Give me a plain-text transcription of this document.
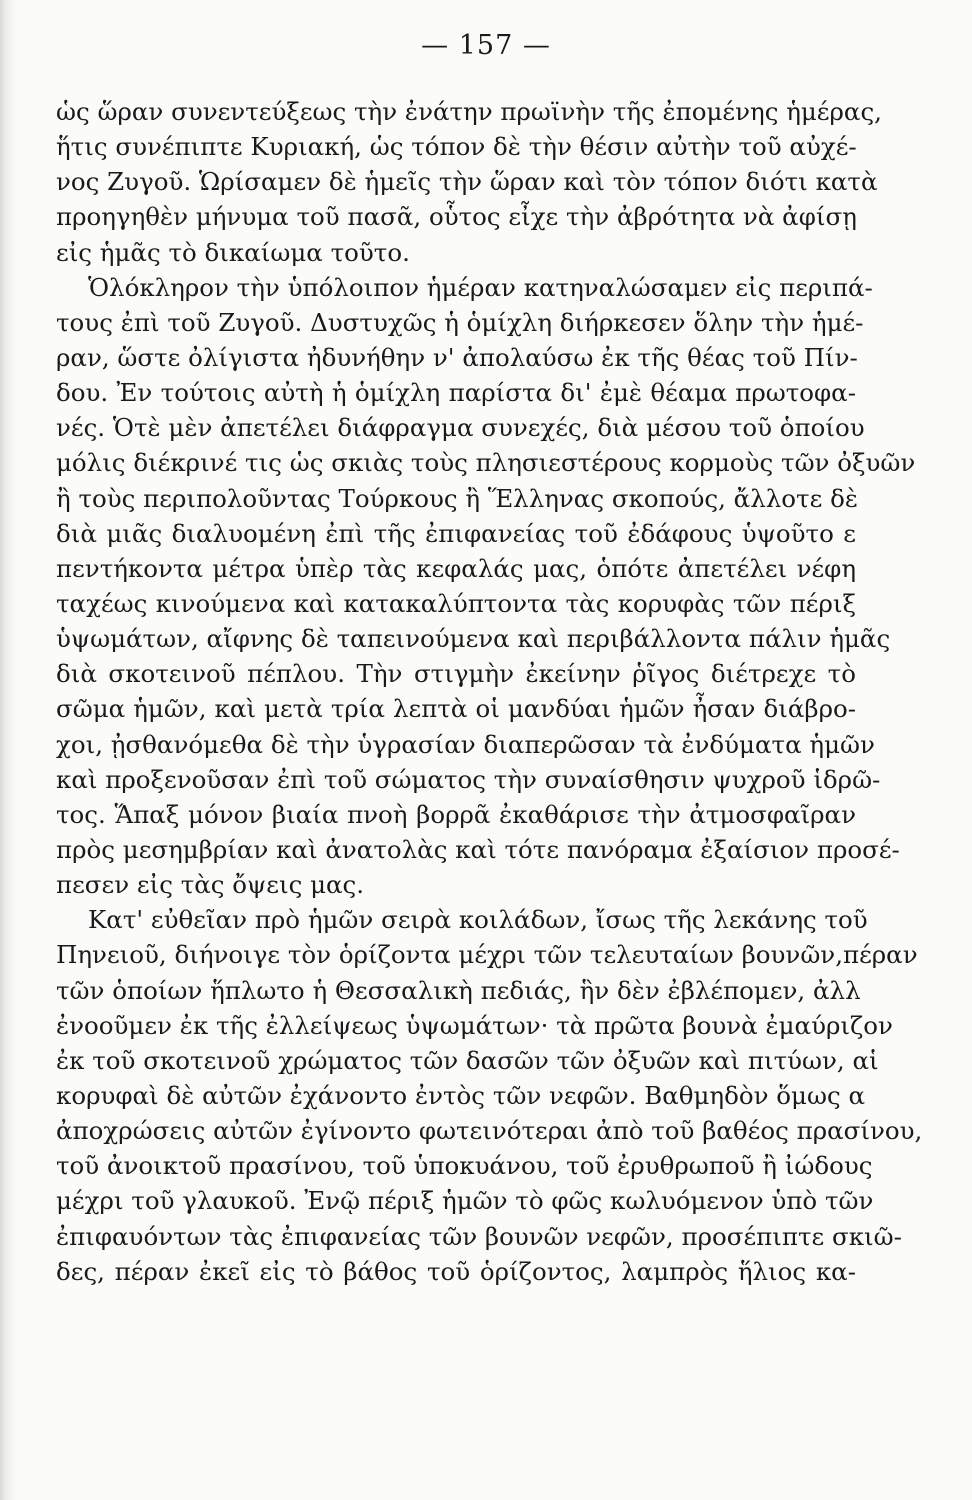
— 157 —
ὡς ὥραν συνεντεύξεως τὴν ἐνάτην πρωϊνὴν τῆς ἐπομένης ἡμέρας,
ἥτις συνέπιπτε Κυριακή, ὡς τόπον δὲ τὴν θέσιν αὐτὴν τοῦ αὐχέ-
νος Ζυγοῦ. Ὡρίσαμεν δὲ ἡμεῖς τὴν ὥραν καὶ τὸν τόπον διότι κατὰ
προηγηθὲν μήνυμα τοῦ πασᾶ, οὗτος εἶχε τὴν ἀβρότητα νὰ ἀφίσῃ
εἰς ἡμᾶς τὸ δικαίωμα τοῦτο.
Ὁλόκληρον τὴν ὑπόλοιπον ἡμέραν κατηναλώσαμεν εἰς περιπά-
τους ἐπὶ τοῦ Ζυγοῦ. Δυστυχῶς ἡ ὁμίχλη διήρκεσεν ὅλην τὴν ἡμέ-
ραν, ὥστε ὀλίγιστα ἠδυνήθην ν' ἀπολαύσω ἐκ τῆς θέας τοῦ Πίν-
δου. Ἐν τούτοις αὐτὴ ἡ ὁμίχλη παρίστα δι' ἐμὲ θέαμα πρωτοφα-
νές. Ὁτὲ μὲν ἀπετέλει διάφραγμα συνεχές, διὰ μέσου τοῦ ὁποίου
μόλις διέκρινέ τις ὡς σκιὰς τοὺς πλησιεστέρους κορμοὺς τῶν ὀξυῶν
ἢ τοὺς περιπολοῦντας Τούρκους ἢ Ἕλληνας σκοπούς, ἄλλοτε δὲ
διὰ μιᾶς διαλυομένη ἐπὶ τῆς ἐπιφανείας τοῦ ἐδάφους ὑψοῦτο ε
πεντήκοντα μέτρα ὑπὲρ τὰς κεφαλάς μας, ὁπότε ἀπετέλει νέφη
ταχέως κινούμενα καὶ κατακαλύπτοντα τὰς κορυφὰς τῶν πέριξ
ὑψωμάτων, αἴφνης δὲ ταπεινούμενα καὶ περιβάλλοντα πάλιν ἡμᾶς
διὰ σκοτεινοῦ πέπλου. Τὴν στιγμὴν ἐκείνην ῥῖγος διέτρεχε τὸ
σῶμα ἡμῶν, καὶ μετὰ τρία λεπτὰ οἱ μανδύαι ἡμῶν ἦσαν διάβρο-
χοι, ᾐσθανόμεθα δὲ τὴν ὑγρασίαν διαπερῶσαν τὰ ἐνδύματα ἡμῶν
καὶ προξενοῦσαν ἐπὶ τοῦ σώματος τὴν συναίσθησιν ψυχροῦ ἱδρῶ-
τος. Ἅπαξ μόνον βιαία πνοὴ βορρᾶ ἐκαθάρισε τὴν ἀτμοσφαῖραν
πρὸς μεσημβρίαν καὶ ἀνατολὰς καὶ τότε πανόραμα ἐξαίσιον προσέ-
πεσεν εἰς τὰς ὄψεις μας.
Κατ' εὐθεῖαν πρὸ ἡμῶν σειρὰ κοιλάδων, ἴσως τῆς λεκάνης τοῦ
Πηνειοῦ, διήνοιγε τὸν ὁρίζοντα μέχρι τῶν τελευταίων βουνῶν,πέραν
τῶν ὁποίων ἥπλωτο ἡ Θεσσαλικὴ πεδιάς, ἣν δὲν ἐβλέπομεν, ἀλλ
ἐνοοῦμεν ἐκ τῆς ἐλλείψεως ὑψωμάτων· τὰ πρῶτα βουνὰ ἐμαύριζον
ἐκ τοῦ σκοτεινοῦ χρώματος τῶν δασῶν τῶν ὀξυῶν καὶ πιτύων, αἱ
κορυφαὶ δὲ αὐτῶν ἐχάνοντο ἐντὸς τῶν νεφῶν. Βαθμηδὸν ὅμως α
ἀποχρώσεις αὐτῶν ἐγίνοντο φωτεινότεραι ἀπὸ τοῦ βαθέος πρασίνου,
τοῦ ἀνοικτοῦ πρασίνου, τοῦ ὑποκυάνου, τοῦ ἐρυθρωποῦ ἢ ἰώδους
μέχρι τοῦ γλαυκοῦ. Ἐνῷ πέριξ ἡμῶν τὸ φῶς κωλυόμενον ὑπὸ τῶν
ἐπιφαυόντων τὰς ἐπιφανείας τῶν βουνῶν νεφῶν, προσέπιπτε σκιῶ-
δες, πέραν ἐκεῖ εἰς τὸ βάθος τοῦ ὁρίζοντος, λαμπρὸς ἥλιος κα-
